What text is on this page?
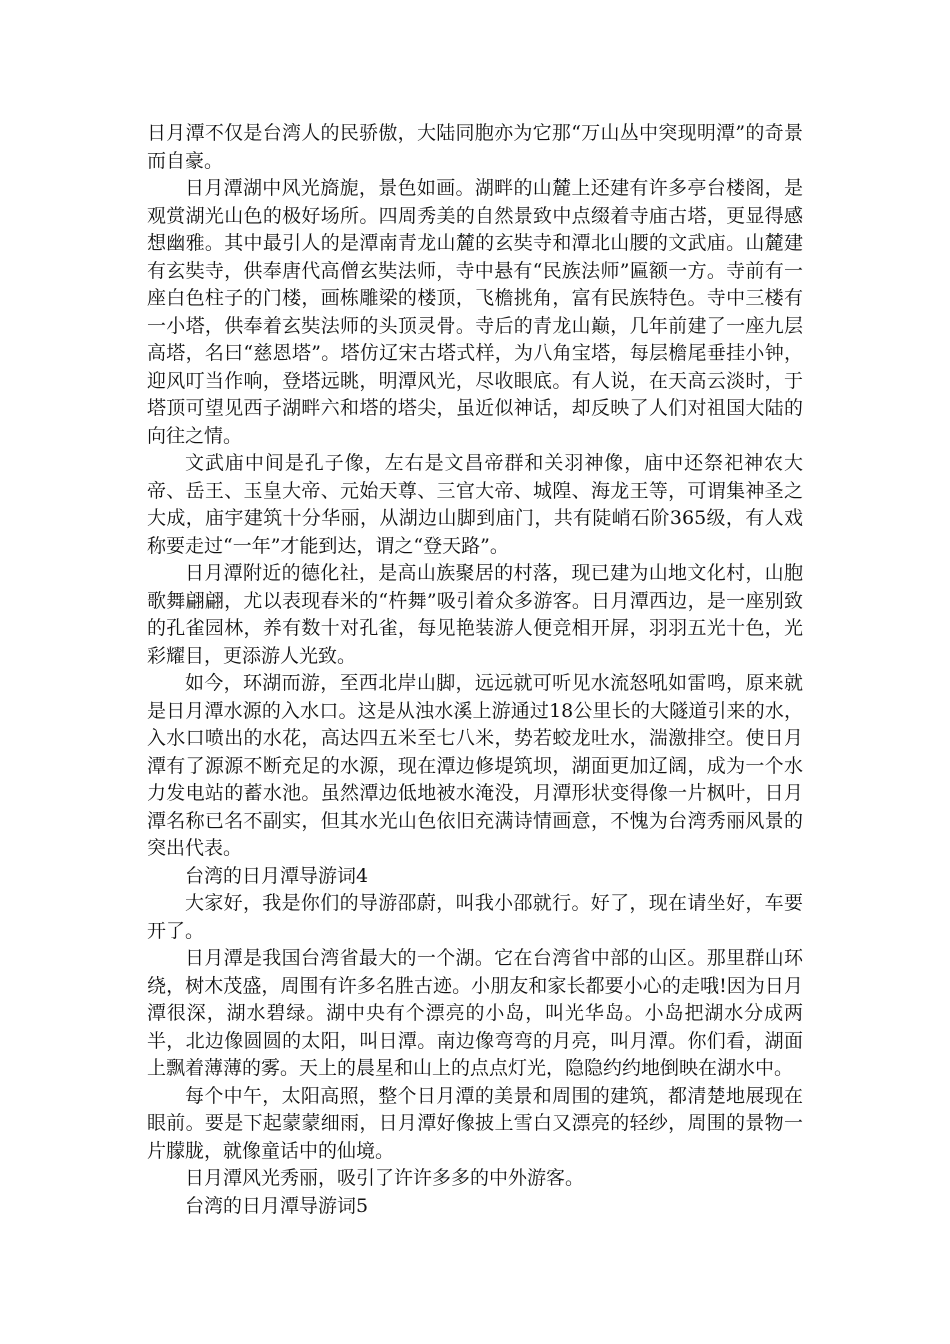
日月潭不仅是台湾人的民骄傲，大陆同胞亦为它那“万山丛中突现明潭”的奇景而自豪。

日月潭湖中风光旖旎，景色如画。湖畔的山麓上还建有许多亭台楼阁，是观赏湖光山色的极好场所。四周秀美的自然景致中点缀着寺庙古塔，更显得感想幽雅。其中最引人的是潭南青龙山麓的玄奘寺和潭北山腰的文武庙。山麓建有玄奘寺，供奉唐代高僧玄奘法师，寺中悬有“民族法师”匾额一方。寺前有一座白色柱子的门楼，画栋雕梁的楼顶，飞檐挑角，富有民族特色。寺中三楼有一小塔，供奉着玄奘法师的头顶灵骨。寺后的青龙山巅，几年前建了一座九层高塔，名曰“慈恩塔”。塔仿辽宋古塔式样，为八角宝塔，每层檐尾垂挂小钟，迎风叮当作响，登塔远眺，明潭风光，尽收眼底。有人说，在天高云淡时，于塔顶可望见西子湖畔六和塔的塔尖，虽近似神话，却反映了人们对祖国大陆的向往之情。

文武庙中间是孔子像，左右是文昌帝群和关羽神像，庙中还祭祀神农大帝、岳王、玉皇大帝、元始天尊、三官大帝、城隍、海龙王等，可谓集神圣之大成，庙宇建筑十分华丽，从湖边山脚到庙门，共有陡峭石阶365级，有人戏称要走过“一年”才能到达，谓之“登天路”。

日月潭附近的德化社，是高山族聚居的村落，现已建为山地文化村，山胞歌舞翩翩，尤以表现春米的“杵舞”吸引着众多游客。日月潭西边，是一座别致的孔雀园林，养有数十对孔雀，每见艳装游人便竞相开屏，羽羽五光十色，光彩耀目，更添游人光致。

如今，环湖而游，至西北岸山脚，远远就可听见水流怒吼如雷鸣，原来就是日月潭水源的入水口。这是从浊水溪上游通过18公里长的大隧道引来的水，入水口喷出的水花，高达四五米至七八米，势若蛟龙吐水，湍激排空。使日月潭有了源源不断充足的水源，现在潭边修堤筑坝，湖面更加辽阔，成为一个水力发电站的蓄水池。虽然潭边低地被水淹没，月潭形状变得像一片枫叶，日月潭名称已名不副实，但其水光山色依旧充满诗情画意，不愧为台湾秀丽风景的突出代表。

台湾的日月潭导游词4

大家好，我是你们的导游邵蔚，叫我小邵就行。好了，现在请坐好，车要开了。

日月潭是我国台湾省最大的一个湖。它在台湾省中部的山区。那里群山环绕，树木茂盛，周围有许多名胜古迹。小朋友和家长都要小心的走哦!因为日月潭很深，湖水碧绿。湖中央有个漂亮的小岛，叫光华岛。小岛把湖水分成两半，北边像圆圆的太阳，叫日潭。南边像弯弯的月亮，叫月潭。你们看，湖面上飘着薄薄的雾。天上的晨星和山上的点点灯光，隐隐约约地倒映在湖水中。

每个中午，太阳高照，整个日月潭的美景和周围的建筑，都清楚地展现在眼前。要是下起蒙蒙细雨，日月潭好像披上雪白又漂亮的轻纱，周围的景物一片朦胧，就像童话中的仙境。

日月潭风光秀丽，吸引了许许多多的中外游客。

台湾的日月潭导游词5
